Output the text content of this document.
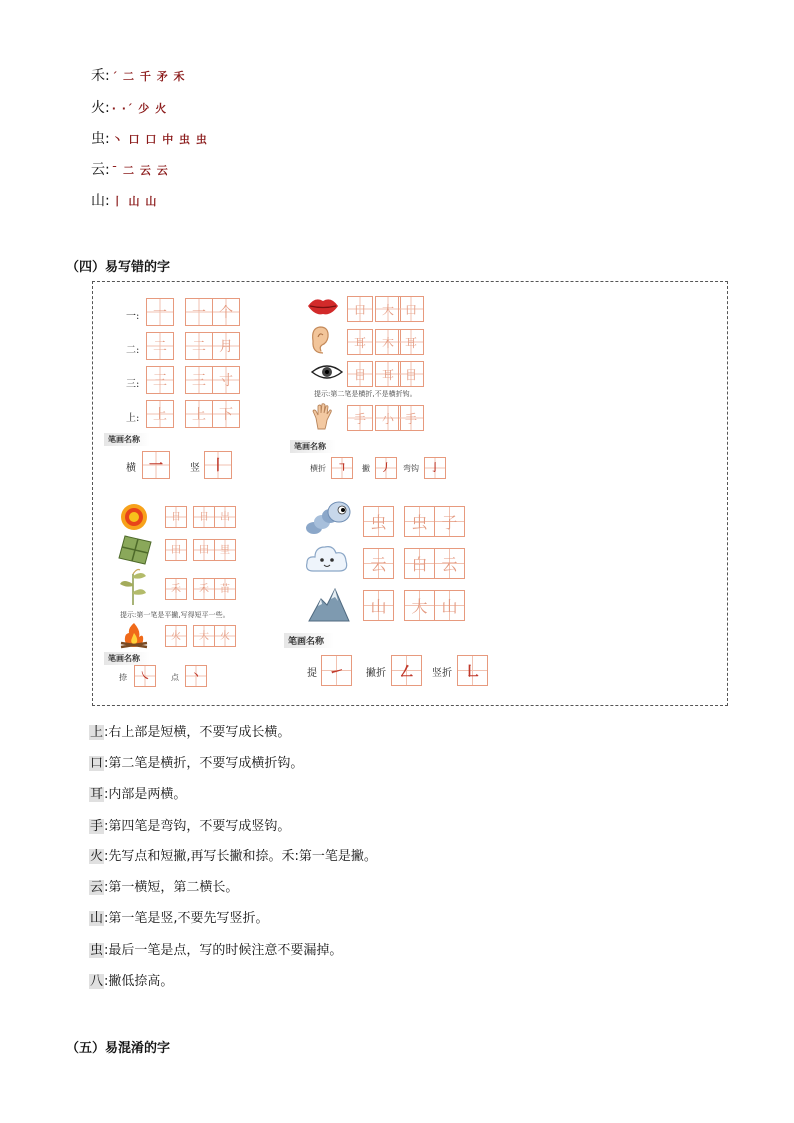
禾: ˊ 二 千 矛 禾
火: · ·ˊ 少 火
虫: 丶 口 口 中 虫 虫
云: ˉ 二 云 云
山: 丨 山 山
（四）易写错的字
一: 一	一 个
二: 二	二 月
三: 三	三 寸
上: 上	上 下
笔画名称
横 一	竖 丨
口	大 口
耳	木 耳
目	耳 目
提示:第二笔是横折,不是横折钩。
手	小 手
笔画名称
横折	㇕	撇	丿	弯钩	亅
日	日	出
田	田	里
禾	禾	苗
提示:第一笔是平撇,写得短平一些。
火	大	火
笔画名称
捺	㇏	点	丶
虫	虫 子
云	白 云
山	大 山
笔画名称
提 ㇀	撇折 ㇜	竖折 ㇗
上:右上部是短横，不要写成长横。
口:第二笔是横折，不要写成横折钩。
耳:内部是两横。
手:第四笔是弯钩，不要写成竖钩。
火:先写点和短撇,再写长撇和捺。禾:第一笔是撇。
云:第一横短，第二横长。
山:第一笔是竖,不要先写竖折。
虫:最后一笔是点，写的时候注意不要漏掉。
八:撇低捺高。
（五）易混淆的字
